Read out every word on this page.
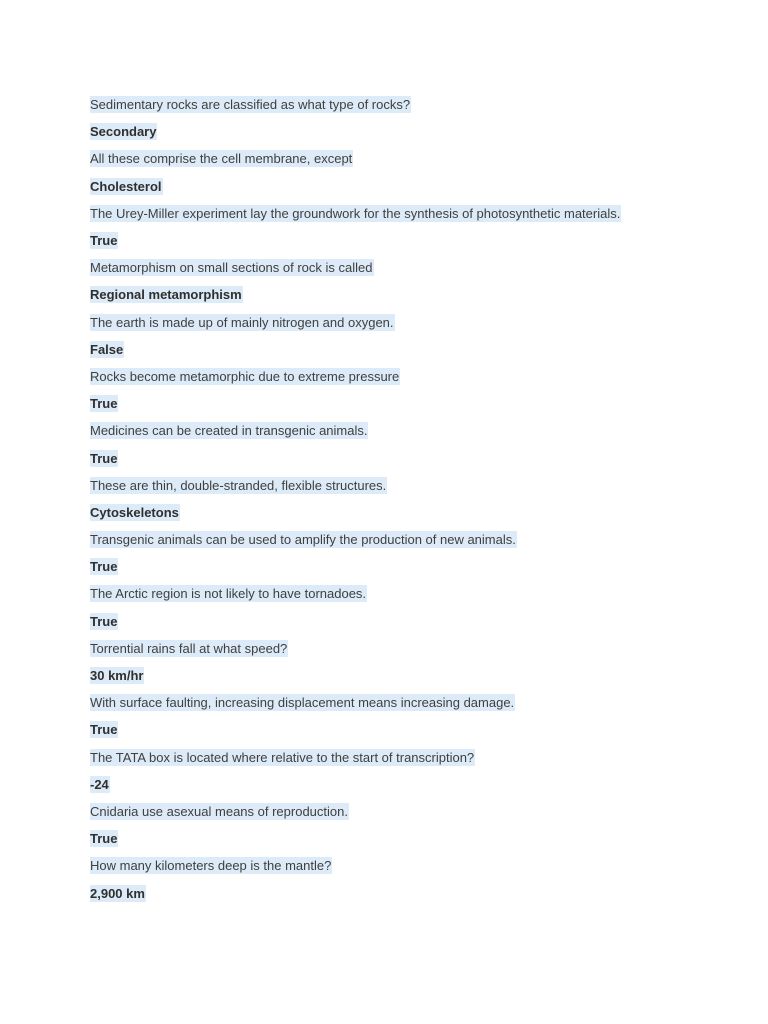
Sedimentary rocks are classified as what type of rocks?
Secondary
All these comprise the cell membrane, except
Cholesterol
The Urey-Miller experiment lay the groundwork for the synthesis of photosynthetic materials.
True
Metamorphism on small sections of rock is called
Regional metamorphism
The earth is made up of mainly nitrogen and oxygen.
False
Rocks become metamorphic due to extreme pressure
True
Medicines can be created in transgenic animals.
True
These are thin, double-stranded, flexible structures.
Cytoskeletons
Transgenic animals can be used to amplify the production of new animals.
True
The Arctic region is not likely to have tornadoes.
True
Torrential rains fall at what speed?
30 km/hr
With surface faulting, increasing displacement means increasing damage.
True
The TATA box is located where relative to the start of transcription?
-24
Cnidaria use asexual means of reproduction.
True
How many kilometers deep is the mantle?
2,900 km
